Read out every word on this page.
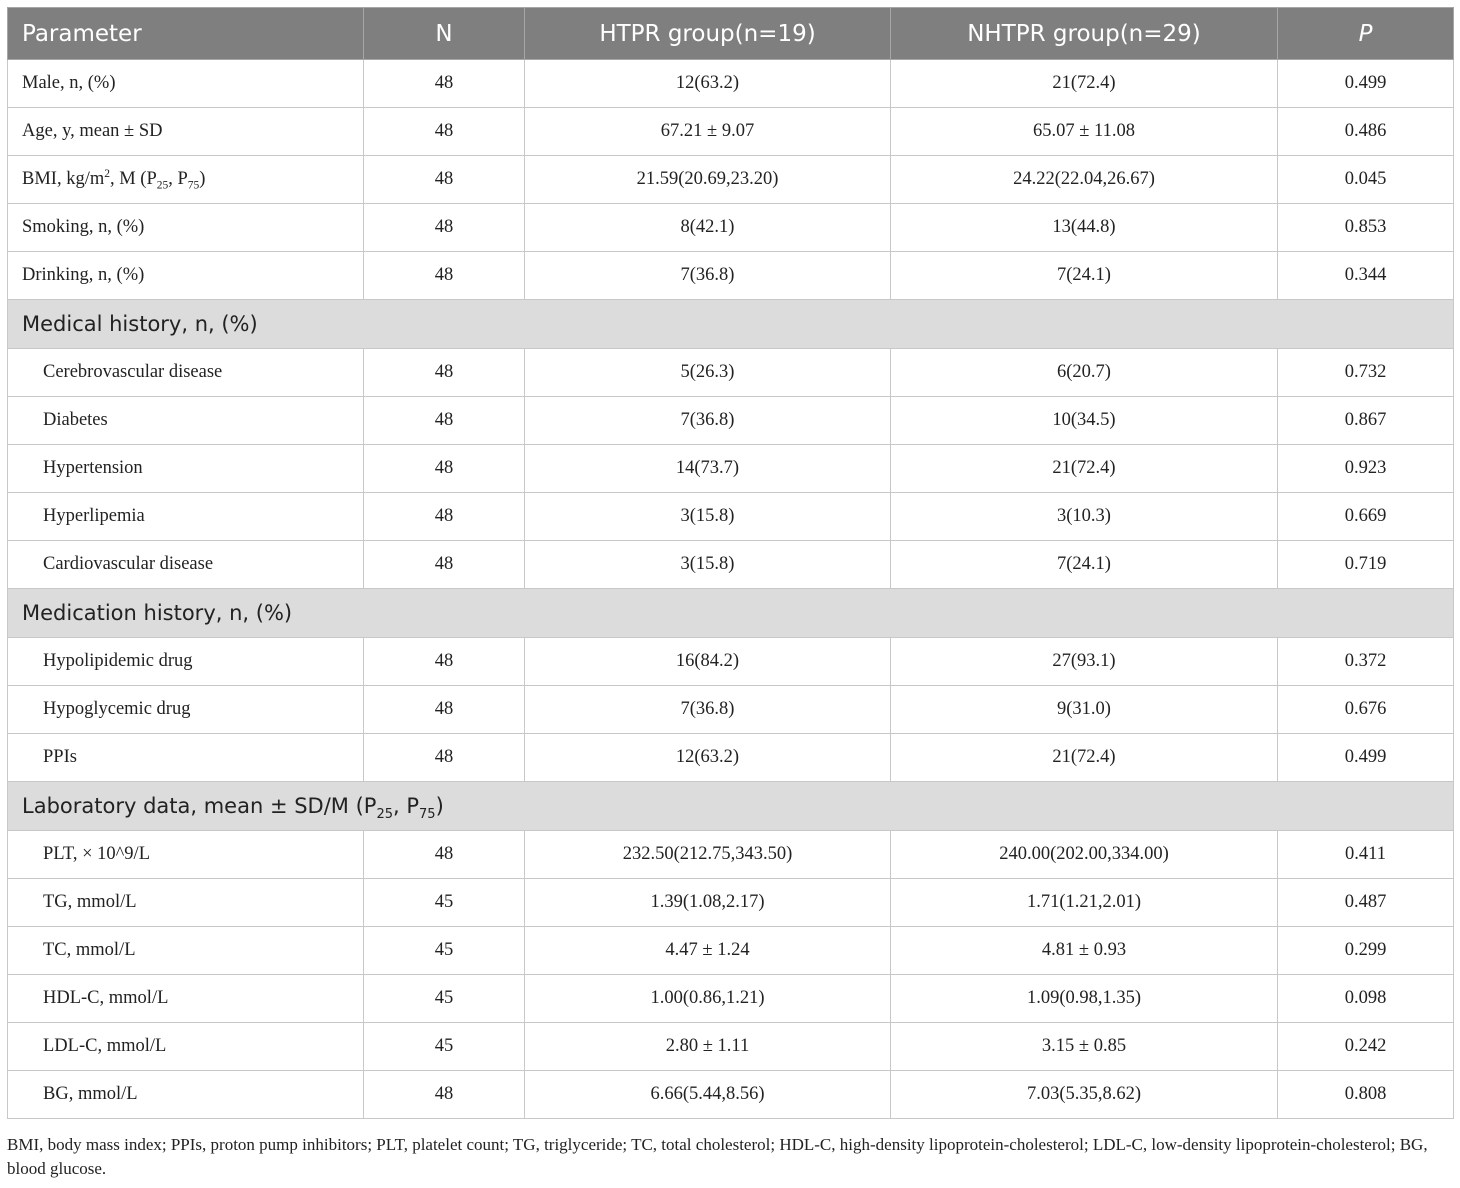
Parameter	N	HTPR group(n=19)	NHTPR group(n=29)	P
Male, n, (%)	48	12(63.2)	21(72.4)	0.499
Age, y, mean ± SD	48	67.21 ± 9.07	65.07 ± 11.08	0.486
BMI, $kg/m^2$, M ($P_{25}$, $P_{75}$)	48	21.59(20.69,23.20)	24.22(22.04,26.67)	0.045
Smoking, n, (%)	48	8(42.1)	13(44.8)	0.853
Drinking, n, (%)	48	7(36.8)	7(24.1)	0.344
Medical history, n, (%)				
Cerebrovascular disease	48	5(26.3)	6(20.7)	0.732
Diabetes	48	7(36.8)	10(34.5)	0.867
Hypertension	48	14(73.7)	21(72.4)	0.923
Hyperlipemia	48	3(15.8)	3(10.3)	0.669
Cardiovascular disease	48	3(15.8)	7(24.1)	0.719
Medication history, n, (%)				
Hypolipidemic drug	48	16(84.2)	27(93.1)	0.372
Hypoglycemic drug	48	7(36.8)	9(31.0)	0.676
PPIs	48	12(63.2)	21(72.4)	0.499
Laboratory data, mean ± SD/M ($P_{25}$, $P_{75}$)				
PLT, × 10^9/L	48	232.50(212.75,343.50)	240.00(202.00,334.00)	0.411
TG, mmol/L	45	1.39(1.08,2.17)	1.71(1.21,2.01)	0.487
TC, mmol/L	45	4.47 ± 1.24	4.81 ± 0.93	0.299
HDL-C, mmol/L	45	1.00(0.86,1.21)	1.09(0.98,1.35)	0.098
LDL-C, mmol/L	45	2.80 ± 1.11	3.15 ± 0.85	0.242
BG, mmol/L	48	6.66(5.44,8.56)	7.03(5.35,8.62)	0.808
BMI, body mass index; PPIs, proton pump inhibitors; PLT, platelet count; TG, triglyceride; TC, total cholesterol; HDL-C, high-density lipoprotein-cholesterol; LDL-C, low-density lipoprotein-cholesterol; BG, blood glucose.
